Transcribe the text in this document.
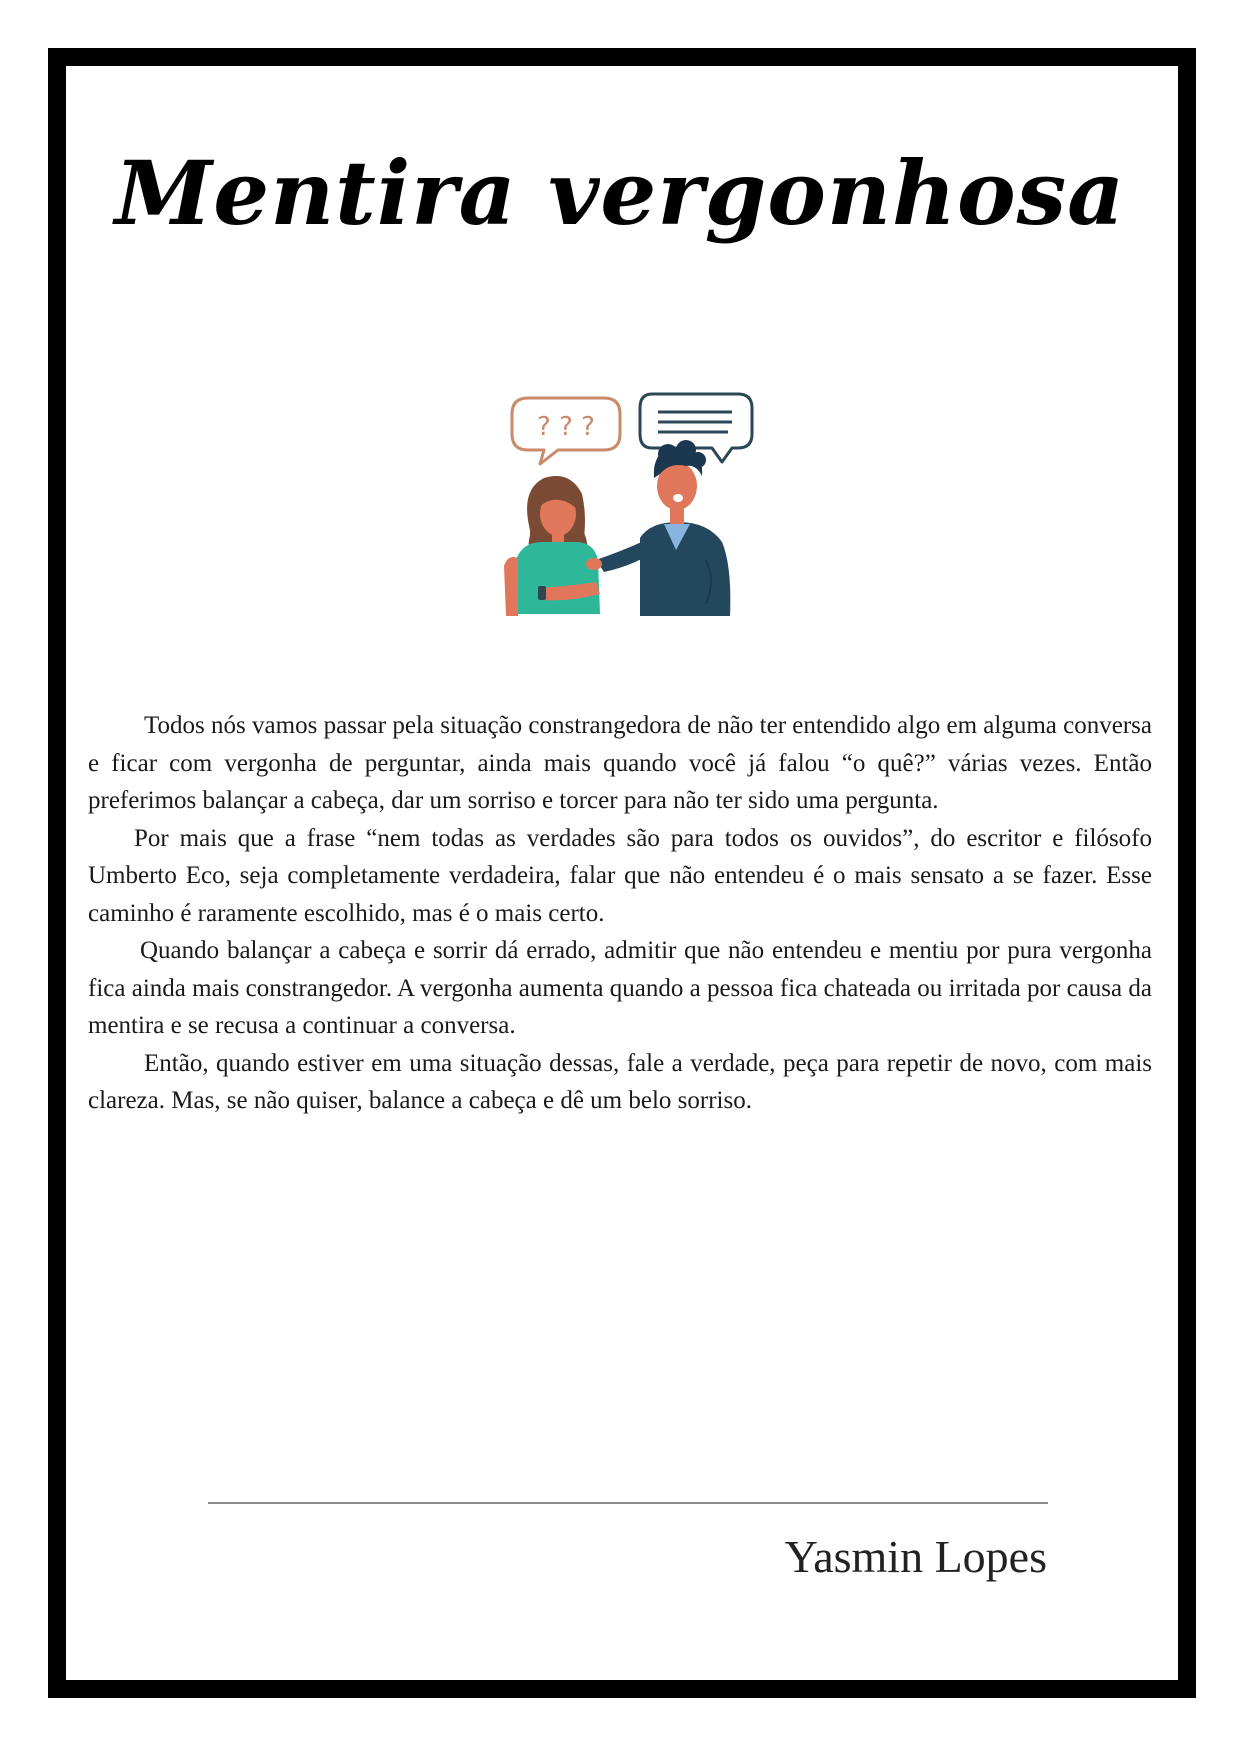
Mentira vergonhosa
? ? ?

Todos nós vamos passar pela situação constrangedora de não ter entendido algo em alguma conversa e ficar com vergonha de perguntar, ainda mais quando você já falou “o quê?” várias vezes. Então preferimos balançar a cabeça, dar um sorriso e torcer para não ter sido uma pergunta.

Por mais que a frase “nem todas as verdades são para todos os ouvidos”, do escritor e filósofo Umberto Eco, seja completamente verdadeira, falar que não entendeu é o mais sensato a se fazer. Esse caminho é raramente escolhido, mas é o mais certo.

Quando balançar a cabeça e sorrir dá errado, admitir que não entendeu e mentiu por pura vergonha fica ainda mais constrangedor. A vergonha aumenta quando a pessoa fica chateada ou irritada por causa da mentira e se recusa a continuar a conversa.

Então, quando estiver em uma situação dessas, fale a verdade, peça para repetir de novo, com mais clareza. Mas, se não quiser, balance a cabeça e dê um belo sorriso.

Yasmin Lopes
